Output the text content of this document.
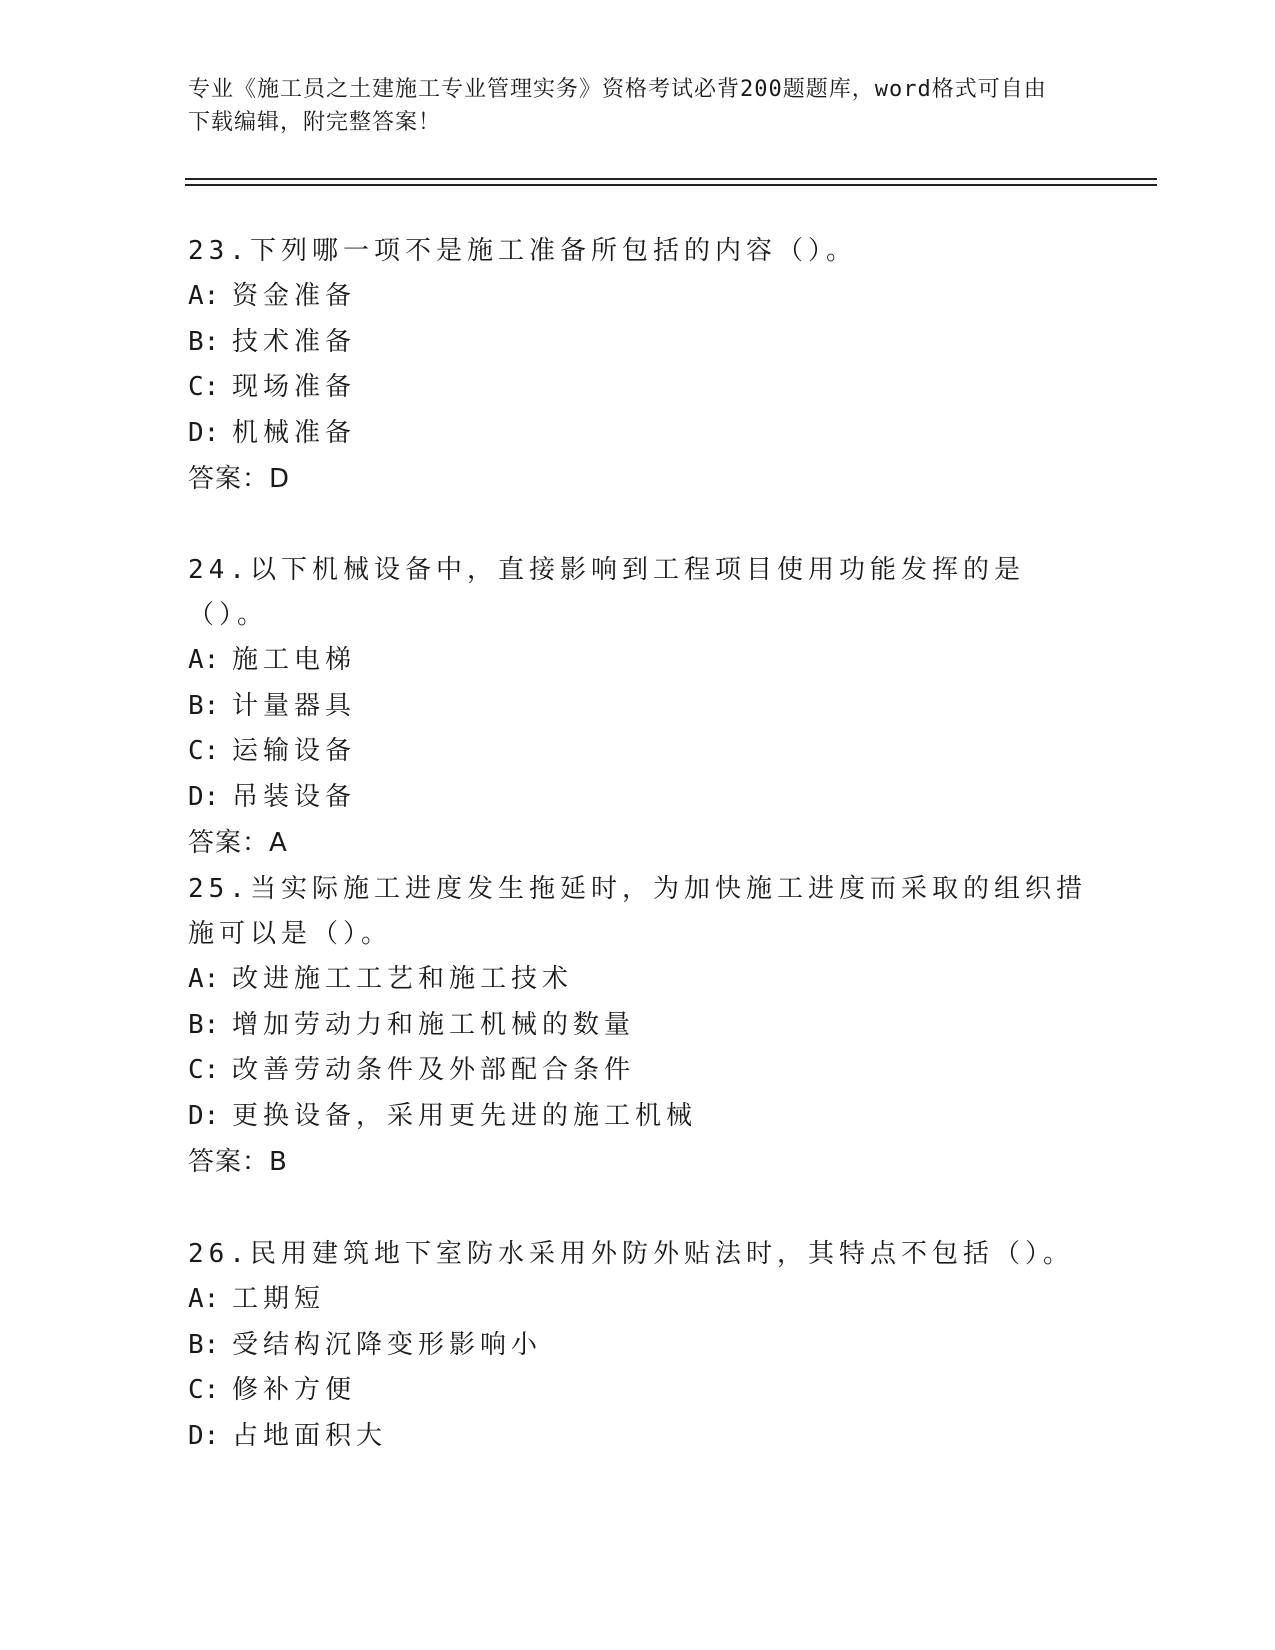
专业《施工员之土建施工专业管理实务》资格考试必背200题题库，word格式可自由下载编辑，附完整答案！

23.下列哪一项不是施工准备所包括的内容（）。

A: 资金准备

B: 技术准备

C: 现场准备

D: 机械准备

答案：D

24.以下机械设备中，直接影响到工程项目使用功能发挥的是（）。

A: 施工电梯

B: 计量器具

C: 运输设备

D: 吊装设备

答案：A

25.当实际施工进度发生拖延时，为加快施工进度而采取的组织措施可以是（）。

A: 改进施工工艺和施工技术

B: 增加劳动力和施工机械的数量

C: 改善劳动条件及外部配合条件

D: 更换设备，采用更先进的施工机械

答案：B

26.民用建筑地下室防水采用外防外贴法时，其特点不包括（）。

A: 工期短

B: 受结构沉降变形影响小

C: 修补方便

D: 占地面积大
